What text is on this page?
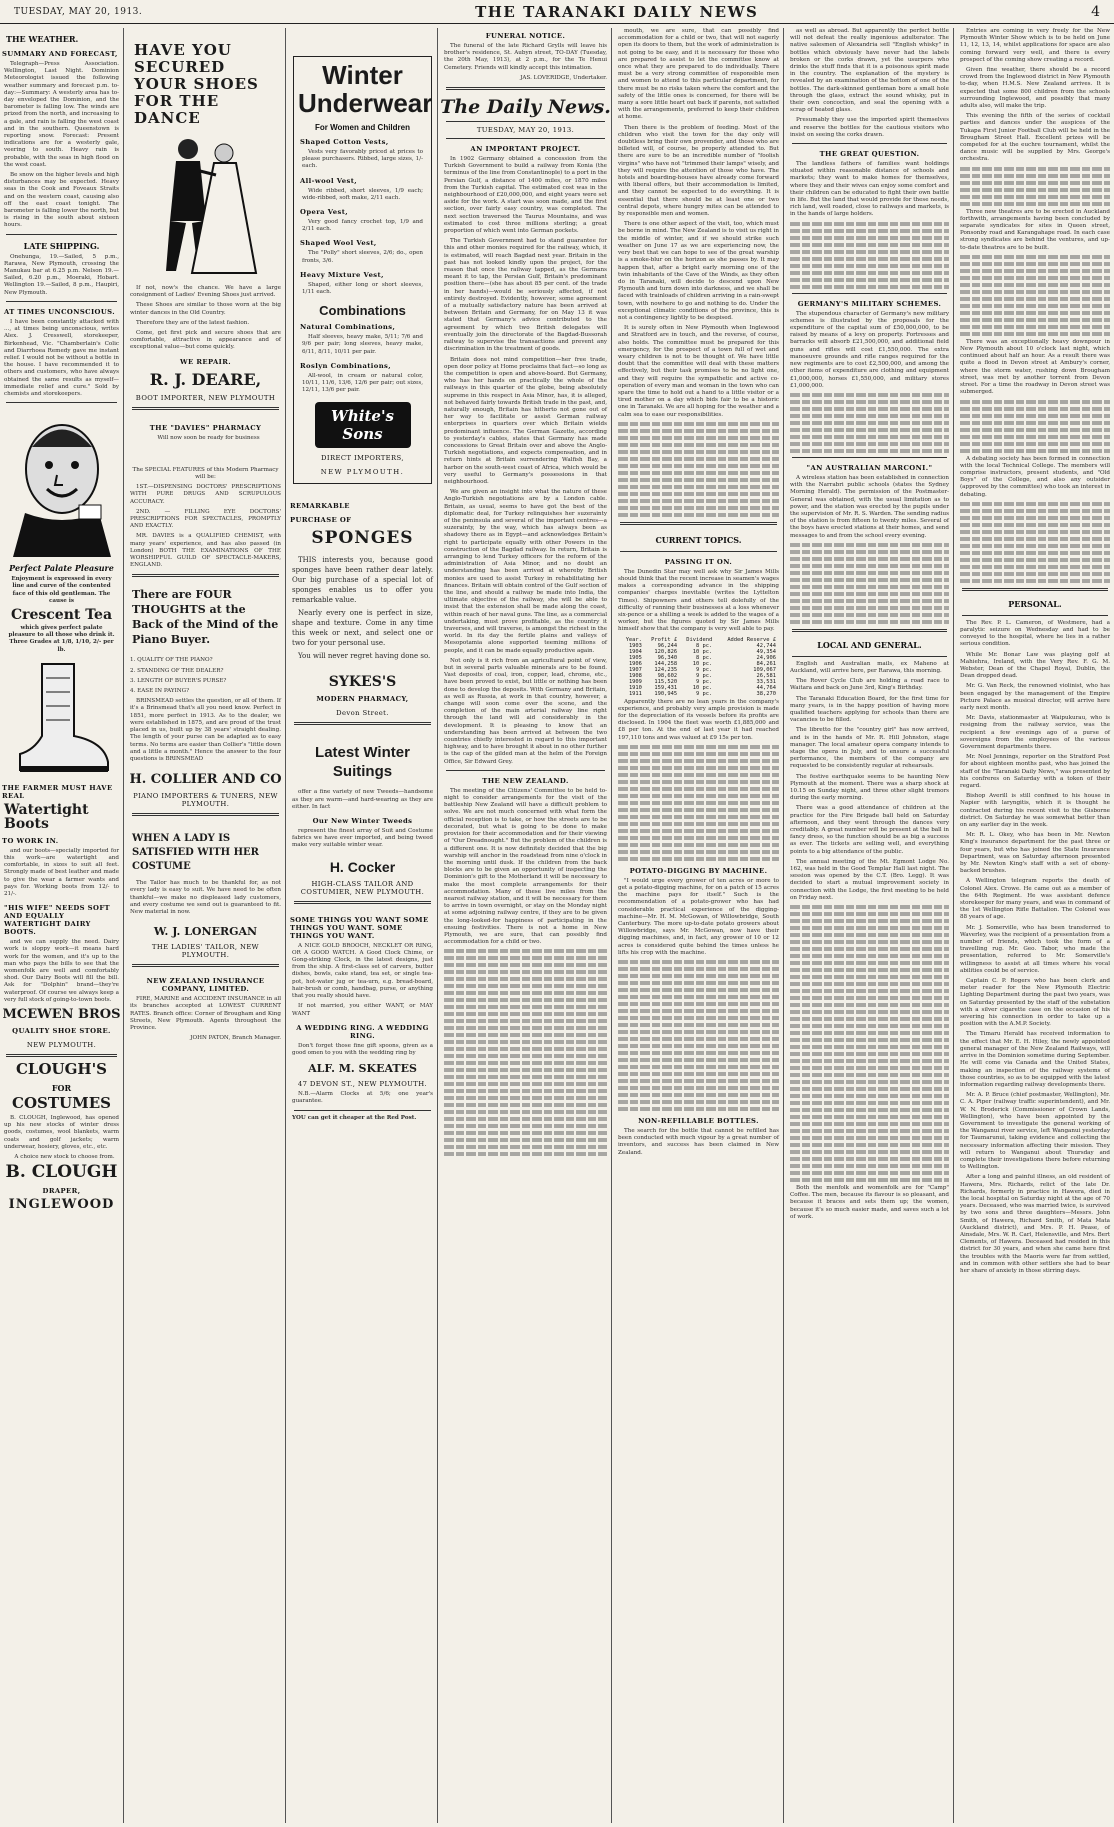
TUESDAY, MAY 20, 1913.	THE TARANAKI DAILY NEWS	4
THE WEATHER.
SUMMARY AND FORECAST,

Telegraph—Press Association. Wellington, Last Night. Dominion Meteorologist issued the following weather summary and forecast p.m. to-day:—Summary: A westerly area has to-day enveloped the Dominion, and the barometer is falling low. The winds are prized from the north, and increasing to a gale, and rain is falling the west coast and in the southern. Queenstown is reporting snow. Forecast: Present indications are for a westerly gale, veering to south. Heavy rain is probable, with the seas in high flood on the west coast.

Be snow on the higher levels and high disturbances may be expected. Heavy seas in the Cook and Foveaux Straits and on the western coast, causing also off the east coast tonight. The barometer is falling lower the north, but is rising in the south about sixteen hours.

LATE SHIPPING.

Onehunga, 19.—Sailed, 5 p.m., Rarawa, New Plymouth, crossing the Manukau bar at 6.25 p.m. Nelson 19.—Sailed, 6.20 p.m., Moeraki, Hobart. Wellington 19.—Sailed, 8 p.m., Haupiri, New Plymouth.

AT TIMES UNCONSCIOUS.

I have been constantly attacked with ..., at times being unconscious, writes Alex. J. Cresswell, storekeeper, Birkenhead, Vic. "Chamberlain's Colic and Diarrhoea Remedy gave me instant relief. I would not be without a bottle in the house. I have recommended it to others and customers, who have always obtained the same results as myself—immediate relief and cure." Sold by chemists and storekeepers.

Perfect Palate Pleasure

Enjoyment is expressed in every line and curve of the contented face of this old gentleman. The cause is

Crescent Tea

which gives perfect palate pleasure to all those who drink it. Three Grades at 1/8, 1/10, 2/- per lb.

THE FARMER MUST HAVE REAL
Watertight Boots
TO WORK IN.

and our boots—specially imported for this work—are watertight and comfortable, in sizes to suit all feet. Strongly made of best leather and made to give the wear a farmer wants and pays for. Working boots from 12/- to 21/-.

"HIS WIFE" NEEDS SOFT AND EQUALLY WATERTIGHT DAIRY BOOTS.

and we can supply the need. Dairy work is sloppy work—it means hard work for the women, and it's up to the man who pays the bills to see that the womenfolk are well and comfortably shod. Our Dairy Boots will fill the bill. Ask for "Dolphin" brand—they're waterproof. Of course we always keep a very full stock of going-to-town boots.

MCEWEN BROS
QUALITY SHOE STORE.
NEW PLYMOUTH.
CLOUGH'S
FOR
COSTUMES

B. CLOUGH, Inglewood, has opened up his new stocks of winter dress goods, costumes, wool blankets, warm coats and golf jackets; warm underwear, hosiery, gloves, etc., etc.

A choice new stock to choose from.

B. CLOUGH
DRAPER,
INGLEWOOD
HAVE YOU SECURED YOUR SHOES FOR THE DANCE

If not, now's the chance. We have a large consignment of Ladies' Evening Shoes just arrived.

These Shoes are similar to those worn at the big winter dances in the Old Country.

Therefore they are of the latest fashion.

Come, get first pick and secure shoes that are comfortable, attractive in appearance and of exceptional value—but come quickly.

WE REPAIR.
R. J. DEARE,
BOOT IMPORTER, NEW PLYMOUTH
THE "DAVIES" PHARMACY

Will now soon be ready for business

The SPECIAL FEATURES of this Modern Pharmacy will be:

1ST.—DISPENSING DOCTORS' PRESCRIPTIONS WITH PURE DRUGS AND SCRUPULOUS ACCURACY.

2ND. — FILLING EYE DOCTORS' PRESCRIPTIONS FOR SPECTACLES, PROMPTLY AND EXACTLY.

MR. DAVIES is a QUALIFIED CHEMIST, with many years' experience, and has also passed (in London) BOTH THE EXAMINATIONS OF THE WORSHIPFUL GUILD OF SPECTACLE-MAKERS, ENGLAND.

There are FOUR THOUGHTS at the Back of the Mind of the Piano Buyer.

1. QUALITY OF THE PIANO?

2. STANDING OF THE DEALER?

3. LENGTH OF BUYER'S PURSE?

4. EASE IN PAYING?

BRINSMEAD settles the question, or all of them. If it's a Brinsmead that's all you need know. Perfect in 1851, more perfect in 1913. As to the dealer, we were established in 1875, and are proud of the trust placed in us, built up by 38 years' straight dealing. The length of your purse can be adapted as to easy terms. No terms are easier than Collier's "little down and a little a month." Hence the answer to the four questions is BRINSMEAD

H. COLLIER AND CO
PIANO IMPORTERS & TUNERS, NEW PLYMOUTH.
WHEN A LADY IS SATISFIED WITH HER COSTUME

The Tailor has much to be thankful for, as not every lady is easy to suit. We have need to be often thankful—we make no displeased lady customers, and every costume we send out is guaranteed to fit. New material in now.

W. J. LONERGAN
THE LADIES' TAILOR, NEW PLYMOUTH.
NEW ZEALAND INSURANCE COMPANY, LIMITED.

FIRE, MARINE and ACCIDENT INSURANCE in all its branches accepted at LOWEST CURRENT RATES. Branch office: Corner of Brougham and King Streets, New Plymouth. Agents throughout the Province.

JOHN PATON, Branch Manager.

Winter Underwear
For Women and Children
Shaped Cotton Vests,

Vests very favorably priced at prices to please purchasers. Ribbed, large sizes, 1/- each.

All-wool Vest,

Wide ribbed, short sleeves, 1/9 each; wide-ribbed, soft make, 2/11 each.

Opera Vest,

Very good fancy crochet top, 1/9 and 2/11 each.

Shaped Wool Vest,

The "Polly" short sleeves, 2/6; do., open fronts, 3/6.

Heavy Mixture Vest,

Shaped, either long or short sleeves, 1/11 each.

Combinations
Natural Combinations,

Half sleeves, heavy make, 5/11; 7/6 and 9/6 per pair; long sleeves, heavy make, 6/11, 8/11, 10/11 per pair.

Roslyn Combinations,

All-wool, in cream or natural color, 10/11, 11/6, 13/6, 12/6 per pair; out sizes, 12/11, 13/6 per pair.

White's Sons
DIRECT IMPORTERS,
NEW PLYMOUTH.
REMARKABLE
PURCHASE OF
SPONGES

THIS interests you, because good sponges have been rather dear lately. Our big purchase of a special lot of sponges enables us to offer you remarkable value.

Nearly every one is perfect in size, shape and texture. Come in any time this week or next, and select one or two for your personal use.

You will never regret having done so.

SYKES'S
MODERN PHARMACY,
Devon Street.
Latest Winter Suitings

offer a fine variety of new Tweeds—handsome as they are warm—and hard-wearing as they are either. In fact

Our New Winter Tweeds

represent the finest array of Suit and Costume fabrics we have ever imported, and being tweed make very suitable winter wear.

H. Cocker
HIGH-CLASS TAILOR AND COSTUMIER, NEW PLYMOUTH.
SOME THINGS YOU WANT SOME THINGS YOU WANT. SOME THINGS YOU WANT.

A NICE GOLD BROOCH, NECKLET OR RING, OR A GOOD WATCH. A Good Clock Chime, or Gong-striking Clock, in the latest designs, just from the ship. A first-class set of carvers, butter dishes, bowls, cake stand, tea set, or single tea-pot, hot-water jug or tea-urn, e.g. bread-board, hair-brush or comb, handbag, purse, or anything that you really should have.

If not married, you either WANT, or MAY WANT

A WEDDING RING. A WEDDING RING.

Don't forget those fine gift spoons, given as a good omen to you with the wedding ring by

ALF. M. SKEATES
47 DEVON ST., NEW PLYMOUTH.

N.B.—Alarm Clocks at 5/6; one year's guarantee.

YOU can get it cheaper at the Red Post.

FUNERAL NOTICE.

The funeral of the late Richard Grylls will leave his brother's residence, St. Aubyn street, TO-DAY (Tuesday, the 20th May, 1913), at 2 p.m., for the Te Henui Cemetery. Friends will kindly accept this intimation.

JAS. LOVERIDGE, Undertaker.

The Daily News.
TUESDAY, MAY 20, 1913.
AN IMPORTANT PROJECT.

In 1902 Germany obtained a concession from the Turkish Government to build a railway from Konia (the terminus of the line from Constantinople) to a port in the Persian Gulf, a distance of 1400 miles, or 1870 miles from the Turkish capital. The estimated cost was in the neighbourhood of £20,000,000, and eight years were set aside for the work. A start was soon made, and the first section, over fairly easy country, was completed. The next section traversed the Taurus Mountains, and was estimated to cost three millions sterling; a great proportion of which went into German pockets.

The Turkish Government had to stand guarantee for this and other monies required for the railway, which, it is estimated, will reach Bagdad next year. Britain in the past has not looked kindly upon the project, for the reason that once the railway tapped, as the Germans meant it to tap, the Persian Gulf, Britain's predominant position there—(she has about 85 per cent. of the trade in her hands)—would be seriously affected, if not entirely destroyed. Evidently, however, some agreement of a mutually satisfactory nature has been arrived at between Britain and Germany, for on May 13 it was stated that Germany's advice contributed to the agreement by which two British delegates will eventually join the directorate of the Bagdad-Bussorah railway to supervise the transactions and prevent any discrimination in the treatment of goods.

Britain does not mind competition—her free trade, open door policy at Home proclaims that fact—so long as the competition is open and above-board. But Germany, who has her hands on practically the whole of the railways in this quarter of the globe, being absolutely supreme in this respect in Asia Minor, has, it is alleged, not behaved fairly towards British trade in the past, and, naturally enough, Britain has hitherto not gone out of her way to facilitate or assist German railway enterprises in quarters over which Britain wields predominant influence. The German Gazette, according to yesterday's cables, states that Germany has made concessions to Great Britain over and above the Anglo-Turkish negotiations, and expects compensation, and in return hints at Britain surrendering Walfish Bay, a harbor on the south-west coast of Africa, which would be very useful to Germany's possessions in that neighbourhood.

We are given an insight into what the nature of these Anglo-Turkish negotiations are by a London cable. Britain, as usual, seems to have got the best of the diplomatic deal, for Turkey relinquishes her suzerainty of the peninsula and several of the important centres—a suzerainty, by the way, which has always been as shadowy there as in Egypt—and acknowledges Britain's right to participate equally with other Powers in the construction of the Bagdad railway. In return, Britain is arranging to lend Turkey officers for the reform of the administration of Asia Minor, and no doubt an understanding has been arrived at whereby British monies are used to assist Turkey in rehabilitating her finances. Britain will obtain control of the Gulf section of the line, and should a railway be made into India, the ultimate objective of the railway, she will be able to insist that the extension shall be made along the coast, within reach of her naval guns. The line, as a commercial undertaking, must prove profitable, as the country it traverses, and will traverse, is amongst the richest in the world. In its day the fertile plains and valleys of Mesopotamia alone supported teeming millions of people, and it can be made equally productive again.

Not only is it rich from an agricultural point of view, but in several parts valuable minerals are to be found. Vast deposits of coal, iron, copper, lead, chrome, etc., have been proved to exist, but little or nothing has been done to develop the deposits. With Germany and Britain, as well as Russia, at work in that country, however, a change will soon come over the scene, and the completion of the main arterial railway line right through the land will aid considerably in the development. It is pleasing to know that an understanding has been arrived at between the two countries chiefly interested in regard to this important highway, and to have brought it about in no other further is the cap of the gilded man at the helm of the Foreign Office, Sir Edward Grey.

THE NEW ZEALAND.

The meeting of the Citizens' Committee to be held to-night to consider arrangements for the visit of the battleship New Zealand will have a difficult problem to solve. We are not much concerned with what form the official reception is to take, or how the streets are to be decorated, but what is going to be done to make provision for their accommodation and for their viewing of "Our Dreadnought." But the problem of the children is a different one. It is now definitely decided that the big warship will anchor in the roadstead from nine o'clock in the morning until dusk. If the children from the back blocks are to be given an opportunity of inspecting the Dominion's gift to the Motherland it will be necessary to make the most complete arrangements for their accommodation. Many of these live miles from the nearest railway station, and it will be necessary for them to arrive in town overnight, or stay on the Monday night at some adjoining railway centre, if they are to be given the long-looked-for happiness of participating in the ensuing festivities. There is not a home in New Plymouth, we are sure, that can possibly find accommodation for a child or two.

mouth, we are sure, that can possibly find accommodation for a child or two, that will not eagerly open its doors to them, but the work of administration is not going to be easy, and it is necessary for those who are prepared to assist to let the committee know at once what they are prepared to do individually. There must be a very strong committee of responsible men and women to attend to this particular department, for there must be no risks taken where the comfort and the safety of the little ones is concerned, for there will be many a sore little heart out back if parents, not satisfied with the arrangements, preferred to keep their children at home.

Then there is the problem of feeding. Most of the children who visit the town for the day only will doubtless bring their own provender, and those who are billeted will, of course, be properly attended to. But there are sure to be an incredible number of "foolish virgins" who have not "trimmed their lamps" wisely, and they will require the attention of those who have. The hotels and boarding-houses have already come forward with liberal offers, but their accommodation is limited, and they cannot be expected to do everything. It is essential that there should be at least one or two central depots, where hungry mites can be attended to by responsible men and women.

There is one other aspect of the visit, too, which must be borne in mind. The New Zealand is to visit us right in the middle of winter, and if we should strike such weather on June 17 as we are experiencing now, the very best that we can hope to see of the great warship is a smoke-blur on the horizon as she passes by. It may happen that, after a bright early morning one of the twin inhabitants of the Cave of the Winds, as they often do in Taranaki, will decide to descend upon New Plymouth and turn down into darkness, and we shall be faced with trainloads of children arriving in a rain-swept town, with nowhere to go and nothing to do. Under the exceptional climatic conditions of the province, this is not a contingency lightly to be despised.

It is surely often in New Plymouth when Inglewood and Stratford are in touch, and the reverse, of course, also holds. The committee must be prepared for this emergency, for the prospect of a town full of wet and weary children is not to be thought of. We have little doubt that the committee will deal with these matters effectively, but their task promises to be no light one, and they will require the sympathetic and active co-operation of every man and woman in the town who can spare the time to hold out a hand to a little visitor or a tired mother on a day which bids fair to be a historic one in Taranaki. We are all hoping for the weather and a calm sea to ease our responsibilities.

CURRENT TOPICS.
PASSING IT ON.

The Dunedin Star may well ask why Sir James Mills should think that the recent increase in seamen's wages makes a corresponding advance in the shipping companies' charges inevitable (writes the Lyttelton Times). Shipowners and others tell dolefully of the difficulty of running their businesses at a loss whenever six-pence or a shilling a week is added to the wages of a worker, but the figures quoted by Sir James Mills himself show that the company is very well able to pay.

Year.	Profit £	Dividend	Added Reserve £
1903	96,244	8 pc.	42,744
1904	120,826	10 pc.	49,354
1905	96,340	8 pc.	24,906
1906	144,258	10 pc.	84,261
1907	124,235	9 pc.	109,067
1908	98,602	9 pc.	26,581
1909	115,520	9 pc.	33,531
1910	159,431	10 pc.	44,764
1911	190,945	9 pc.	38,270

Apparently there are no lean years in the company's experience, and probably very ample provision is made for the depreciation of its vessels before its profits are disclosed. In 1904 the fleet was worth £1,885,000 and £8 per ton. At the end of last year it had reached 197,110 tons and was valued at £9 15s per ton.

POTATO-DIGGING BY MACHINE.

"I would urge every grower of ten acres or more to get a potato-digging machine, for on a patch of 15 acres the machine pays for itself." Such is the recommendation of a potato-grower who has had considerable practical experience of the digging-machine—Mr. H. M. McGowan, of Willowbridge, South Canterbury. The more up-to-date potato growers about Willowbridge, says Mr. McGowan, now have their digging machines, and, in fact, any grower of 10 or 12 acres is considered quite behind the times unless he lifts his crop with the machine.

NON-REFILLABLE BOTTLES.

The search for the bottle that cannot be refilled has been conducted with much vigour by a great number of inventors, and success has been claimed in New Zealand.

as well as abroad. But apparently the perfect bottle will not defeat the really ingenious adulterator. The native salesmen of Alexandria sell "English whisky" in bottles which obviously have never had the labels broken or the corks drawn, yet the usurpers who drinks the stuff finds that it is a poisonous spirit made in the country. The explanation of the mystery is revealed by an examination of the bottom of one of the bottles. The dark-skinned gentleman bore a small hole through the glass, extract the sound whisky, put in their own concoction, and seal the opening with a scrap of heated glass.

Presumably they use the imported spirit themselves and reserve the bottles for the cautious visitors who insist on seeing the corks drawn.

THE GREAT QUESTION.

The landless fathers of families want holdings situated within reasonable distance of schools and markets; they want to make homes for themselves, where they and their wives can enjoy some comfort and their children can be educated to fight their own battle in life. But the land that would provide for these needs, rich land, well roaded, close to railways and markets, is in the hands of large holders.

GERMANY'S MILITARY SCHEMES.

The stupendous character of Germany's new military schemes is illustrated by the proposals for the expenditure of the capital sum of £50,000,000, to be raised by means of a levy on property. Fortresses and barracks will absorb £21,500,000, and additional field guns and rifles will cost £1,550,000. The extra manoeuvre grounds and rifle ranges required for the new regiments are to cost £2,500,000, and among the other items of expenditure are clothing and equipment £1,000,000, horses £1,550,000, and military stores £1,000,000.

"AN AUSTRALIAN MARCONI."

A wireless station has been established in connection with the Narrabri public schools (states the Sydney Morning Herald). The permission of the Postmaster-General was obtained, with the usual limitation as to power, and the station was erected by the pupils under the supervision of Mr. R. S. Warden. The sending radius of the station is from fifteen to twenty miles. Several of the boys have erected stations at their homes, and send messages to and from the school every evening.

LOCAL AND GENERAL.

English and Australian mails, ex Maheno at Auckland, will arrive here, per Rarawa, this morning.

The Rover Cycle Club are holding a road race to Waitara and back on June 3rd, King's Birthday.

The Taranaki Education Board, for the first time for many years, is in the happy position of having more qualified teachers applying for schools than there are vacancies to be filled.

The libretto for the "country girl" has now arrived, and is in the hands of Mr. R. Hill Johnston, stage manager. The local amateur opera company intends to stage the opera in July, and to ensure a successful performance, the members of the company are requested to be consistently regular at rehearsals.

The festive earthquake seems to be haunting New Plymouth at the moment. There was a sharp shock at 10.15 on Sunday night, and three other slight tremors during the early morning.

There was a good attendance of children at the practice for the Fire Brigade ball held on Saturday afternoon, and they went through the dances very creditably. A great number will be present at the ball in fancy dress, so the function should be as big a success as ever. The tickets are selling well, and everything points to a big attendance of the public.

The annual meeting of the Mt. Egmont Lodge No. 162, was held in the Good Templar Hall last night. The session was opened by the C.T. (Bro. Legg). It was decided to start a mutual improvement society in connection with the Lodge, the first meeting to be held on Friday next.

Both the menfolk and womenfolk are for "Camp" Coffee. The men, because its flavour is so pleasant, and because it braces and sets them up; the women, because it's so much easier made, and saves such a lot of work.

Entries are coming in very freely for the New Plymouth Winter Show which is to be held on June 11, 12, 13, 14, whilst applications for space are also coming forward very well, and there is every prospect of the coming show creating a record.

Given fine weather, there should be a record crowd from the Inglewood district in New Plymouth to-day, when H.M.S. New Zealand arrives. It is expected that some 800 children from the schools surrounding Inglewood, and possibly that many adults also, will make the trip.

This evening the fifth of the series of cocktail parties and dances under the auspices of the Tukapa First Junior Football Club will be held in the Brougham Street Hall. Excellent prizes will be competed for at the euchre tournament, whilst the dance music will be supplied by Mrs. George's orchestra.

Three new theatres are to be erected in Auckland forthwith, arrangements having been concluded by separate syndicates for sites in Queen street, Ponsonby road and Karangahape road. In each case strong syndicates are behind the ventures, and up-to-date theatres are to be built.

There was an exceptionally heavy downpour in New Plymouth about 10 o'clock last night, which continued about half an hour. As a result there was quite a flood in Devon street at Ambury's corner, where the storm water, rushing down Brougham street, was met by another torrent from Devon street. For a time the roadway in Devon street was submerged.

A debating society has been formed in connection with the local Technical College. The members will comprise instructors, present students, and "Old Boys" of the College, and also any outsider (approved by the committee) who took an interest in debating.

PERSONAL.

The Rev. P. L. Cameron, of Westmere, had a paralytic seizure on Wednesday and had to be conveyed to the hospital, where he lies in a rather serious condition.

While Mr. Bonar Law was playing golf at Mahiehra, Ireland, with the Very Rev. F. G. M. Webster, Dean of the Chapel Royal, Dublin, the Dean dropped dead.

Mr. G. Van Reck, the renowned violinist, who has been engaged by the management of the Empire Picture Palace as musical director, will arrive here early next month.

Mr. Davis, stationmaster at Waipukurau, who is resigning from the railway service, was the recipient a few evenings ago of a purse of sovereigns from the employees of the various Government departments there.

Mr. Noel Jennings, reporter on the Stratford Post for about eighteen months past, who has joined the staff of the "Taranaki Daily News," was presented by his confreres on Saturday with a token of their regard.

Bishop Averill is still confined to his house in Napier with laryngitis, which it is thought he contracted during his recent visit to the Gisborne district. On Saturday he was somewhat better than on any earlier day in the week.

Mr. R. L. Okey, who has been in Mr. Newton King's insurance department for the past three or four years, but who has joined the State Insurance Department, was on Saturday afternoon presented by Mr. Newton King's staff with a set of ebony-backed brushes.

A Wellington telegram reports the death of Colonel Alex. Crowe. He came out as a member of the 64th Regiment. He was assistant defence storekeeper for many years, and was in command of the 1st Wellington Rifle Battalion. The Colonel was 88 years of age.

Mr. J. Somerville, who has been transferred to Waverley, was the recipient of a presentation from a number of friends, which took the form of a travelling rug. Mr. Geo. Tabor, who made the presentation, referred to Mr. Somerville's willingness to assist at all times where his vocal abilities could be of service.

Captain C. P. Rogers who has been clerk and meter reader for the New Plymouth Electric Lighting Department during the past two years, was on Saturday presented by the staff of the substation with a silver cigarette case on the occasion of his severing his connection in order to take up a position with the A.M.P. Society.

The Timaru Herald has received information to the effect that Mr. E. H. Hiley, the newly appointed general manager of the New Zealand Railways, will arrive in the Dominion sometime during September. He will come via Canada and the United States, making an inspection of the railway systems of those countries, so as to be equipped with the latest information regarding railway developments there.

Mr. A. P. Bruce (chief postmaster, Wellington), Mr. C. A. Piper (railway traffic superintendent), and Mr. W. N. Broderick (Commissioner of Crown Lands, Wellington), who have been appointed by the Government to investigate the general working of the Wanganui river service, left Wanganui yesterday for Taumarunui, taking evidence and collecting the necessary information affecting their mission. They will return to Wanganui about Thursday and complete their investigations there before returning to Wellington.

After a long and painful illness, an old resident of Hawera, Mrs. Richards, relict of the late Dr. Richards, formerly in practice in Hawera, died in the local hospital on Saturday night at the age of 70 years. Deceased, who was married twice, is survived by two sons and three daughters—Messrs. John Smith, of Hawera, Richard Smith, of Mata Mata (Auckland district), and Mrs. P. H. Pease, of Ainsdale, Mrs. W. R. Carl, Helensville, and Mrs. Bert Clements, of Hawera. Deceased had resided in this district for 30 years, and when she came here first the troubles with the Maoris were far from settled, and in common with other settlers she had to bear her share of anxiety in those stirring days.
